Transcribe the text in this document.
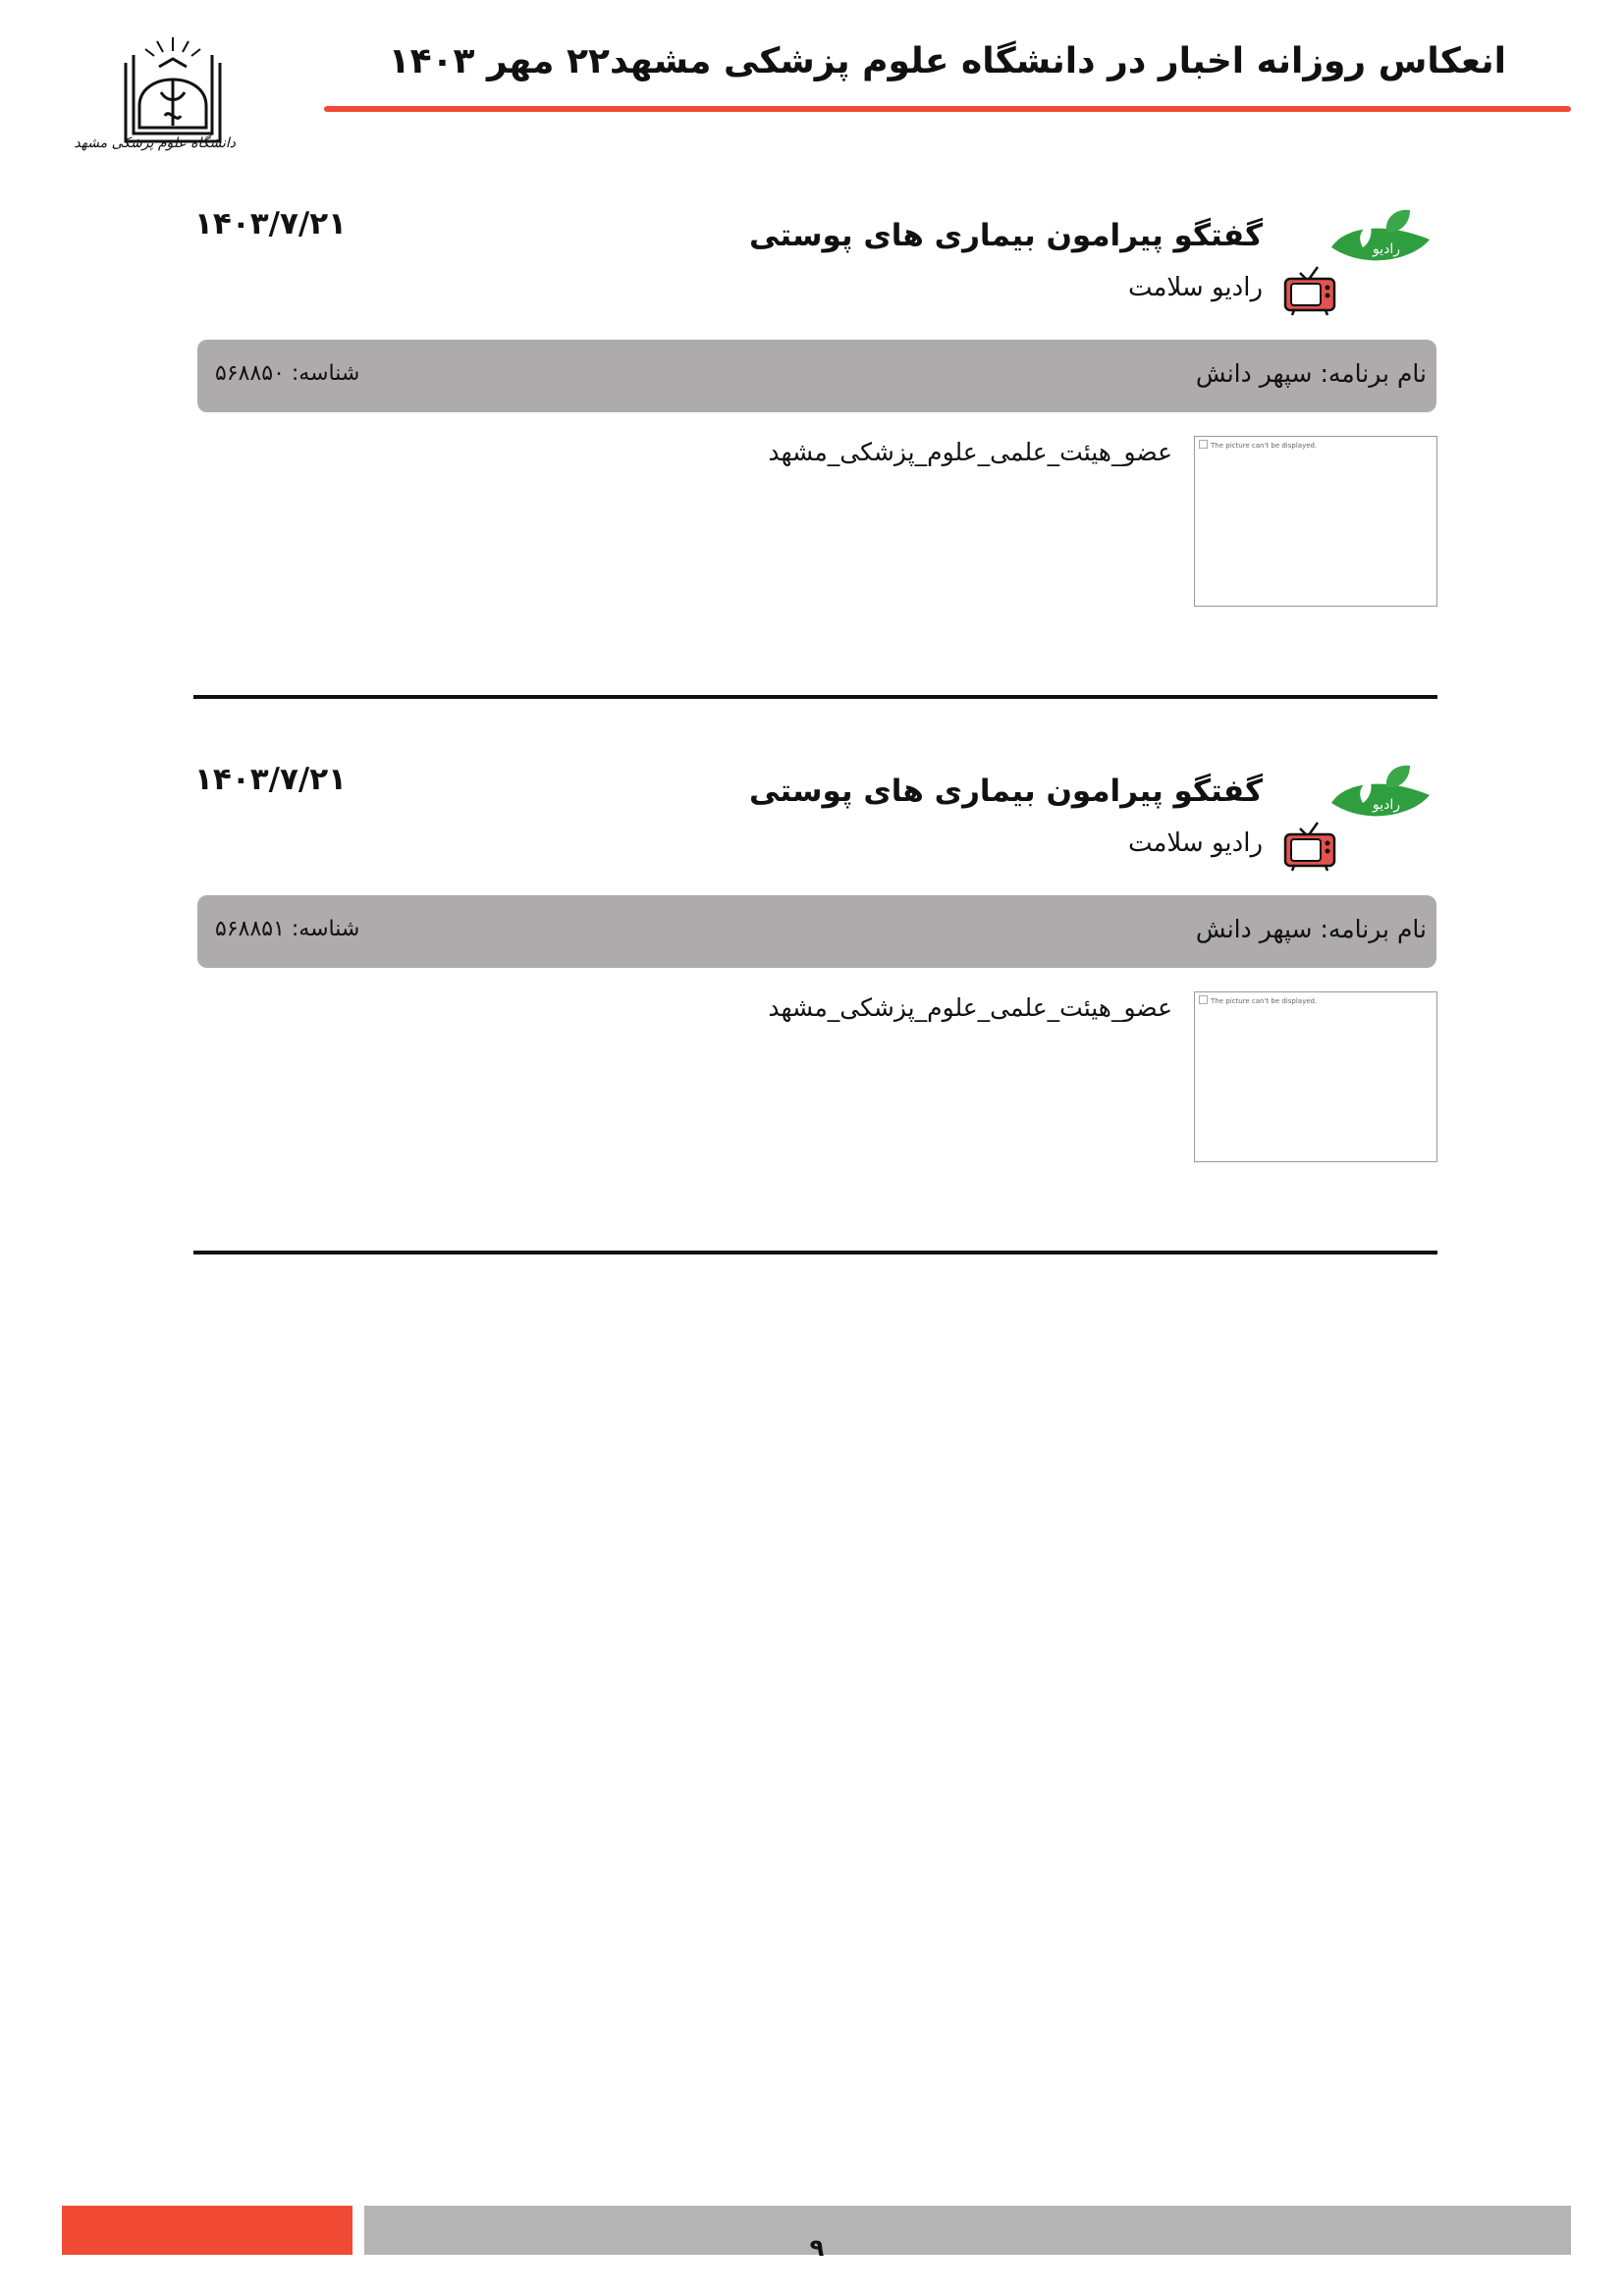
دانشگاه علوم پزشکی مشهد
انعکاس روزانه اخبار در دانشگاه علوم پزشکی مشهد۲۲ مهر ۱۴۰۳
رادیو
گفتگو پیرامون بیماری های پوستی
رادیو سلامت
۱۴۰۳/۷/۲۱
نام برنامه: سپهر دانش
شناسه: ۵۶۸۸۵۰
The picture can't be displayed.
عضو_هیئت_علمی_علوم_پزشکی_مشهد
رادیو
گفتگو پیرامون بیماری های پوستی
رادیو سلامت
۱۴۰۳/۷/۲۱
نام برنامه: سپهر دانش
شناسه: ۵۶۸۸۵۱
The picture can't be displayed.
عضو_هیئت_علمی_علوم_پزشکی_مشهد
۹
